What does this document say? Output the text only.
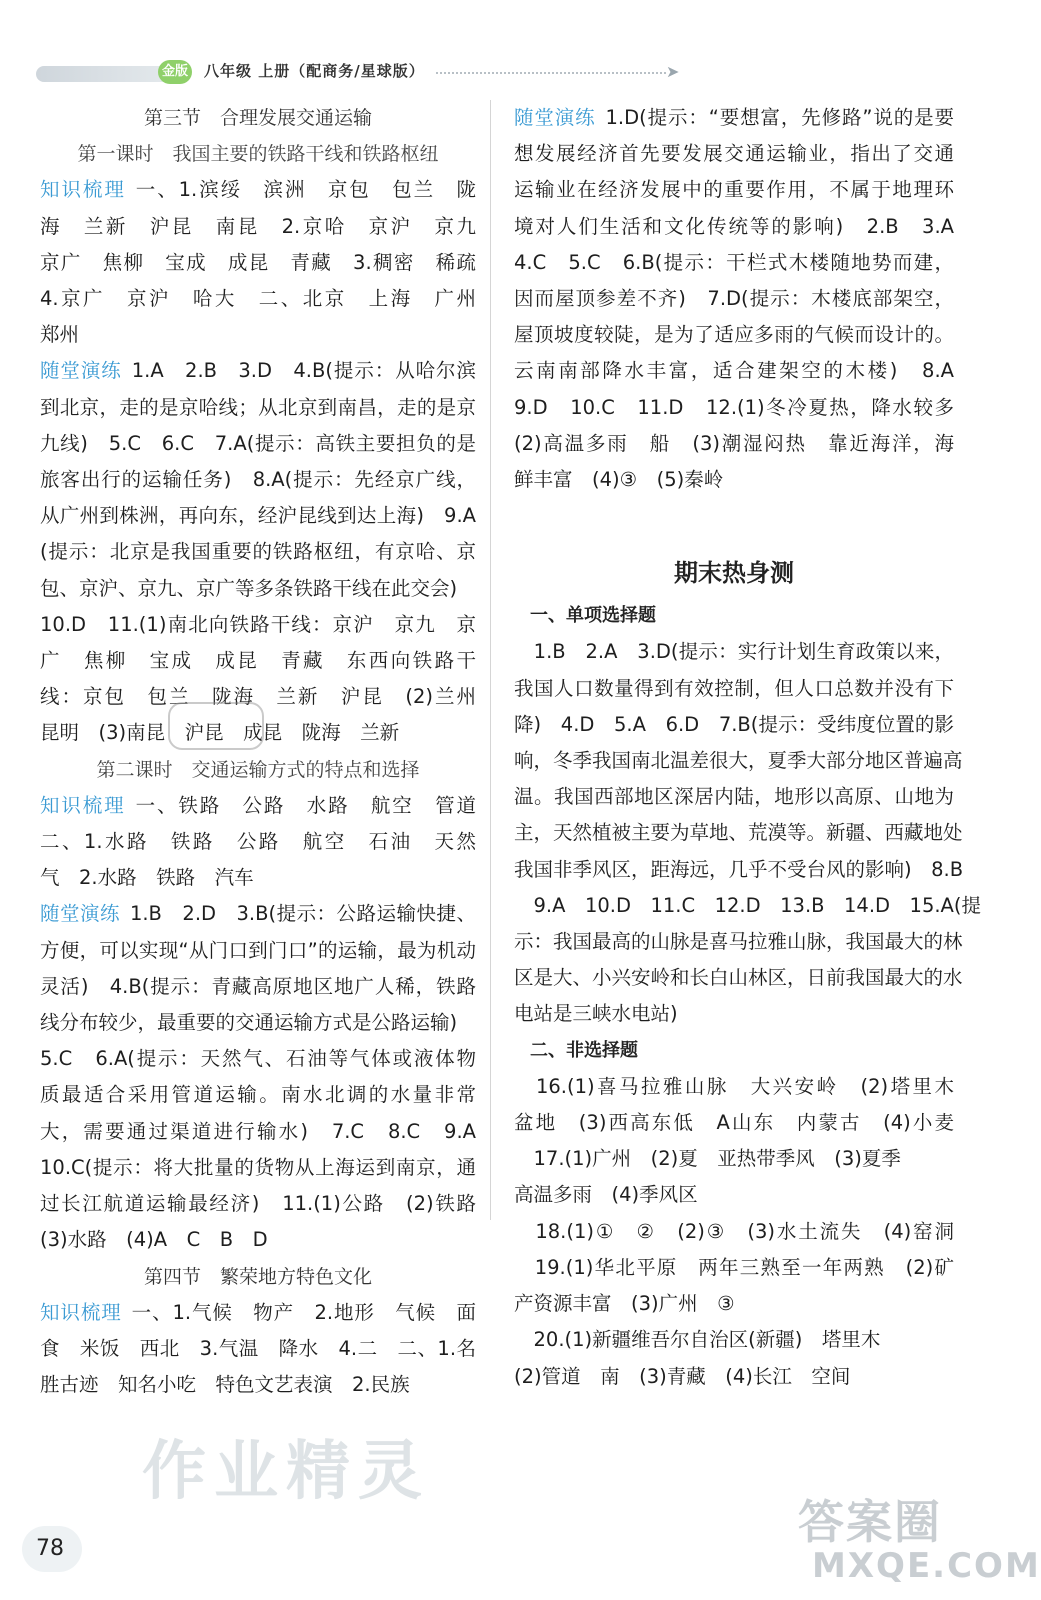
金版 八年级 上册（配商务/星球版）	➤
第三节　合理发展交通运输
第一课时　我国主要的铁路干线和铁路枢纽
知识梳理 一、1.滨绥　滨洲　京包　包兰　陇
海　兰新　沪昆　南昆　2.京哈　京沪　京九
京广　焦柳　宝成　成昆　青藏　3.稠密　稀疏
4.京广　京沪　哈大　二、北京　上海　广州
郑州
随堂演练 1.A　2.B　3.D　4.B(提示：从哈尔滨
到北京，走的是京哈线；从北京到南昌，走的是京
九线)　5.C　6.C　7.A(提示：高铁主要担负的是
旅客出行的运输任务)　8.A(提示：先经京广线，
从广州到株洲，再向东，经沪昆线到达上海)　9.A
(提示：北京是我国重要的铁路枢纽，有京哈、京
包、京沪、京九、京广等多条铁路干线在此交会)
10.D　11.(1)南北向铁路干线：京沪　京九　京
广　焦柳　宝成　成昆　青藏　东西向铁路干
线：京包　包兰　陇海　兰新　沪昆　(2)兰州
昆明　(3)南昆　沪昆　成昆　陇海　兰新
第二课时　交通运输方式的特点和选择
知识梳理 一、铁路　公路　水路　航空　管道
二、1.水路　铁路　公路　航空　石油　天然
气　2.水路　铁路　汽车
随堂演练 1.B　2.D　3.B(提示：公路运输快捷、
方便，可以实现“从门口到门口”的运输，最为机动
灵活)　4.B(提示：青藏高原地区地广人稀，铁路
线分布较少，最重要的交通运输方式是公路运输)
5.C　6.A(提示：天然气、石油等气体或液体物
质最适合采用管道运输。南水北调的水量非常
大，需要通过渠道进行输水)　7.C　8.C　9.A
10.C(提示：将大批量的货物从上海运到南京，通
过长江航道运输最经济)　11.(1)公路　(2)铁路
(3)水路　(4)A　C　B　D
第四节　繁荣地方特色文化
知识梳理 一、1.气候　物产　2.地形　气候　面
食　米饭　西北　3.气温　降水　4.二　二、1.名
胜古迹　知名小吃　特色文艺表演　2.民族
随堂演练 1.D(提示：“要想富，先修路”说的是要
想发展经济首先要发展交通运输业，指出了交通
运输业在经济发展中的重要作用，不属于地理环
境对人们生活和文化传统等的影响)　2.B　3.A
4.C　5.C　6.B(提示：干栏式木楼随地势而建，
因而屋顶参差不齐)　7.D(提示：木楼底部架空，
屋顶坡度较陡，是为了适应多雨的气候而设计的。
云南南部降水丰富，适合建架空的木楼)　8.A
9.D　10.C　11.D　12.(1)冬冷夏热，降水较多
(2)高温多雨　船　(3)潮湿闷热　靠近海洋，海
鲜丰富　(4)③　(5)秦岭
期末热身测
一、单项选择题
　1.B　2.A　3.D(提示：实行计划生育政策以来，
我国人口数量得到有效控制，但人口总数并没有下
降)　4.D　5.A　6.D　7.B(提示：受纬度位置的影
响，冬季我国南北温差很大，夏季大部分地区普遍高
温。我国西部地区深居内陆，地形以高原、山地为
主，天然植被主要为草地、荒漠等。新疆、西藏地处
我国非季风区，距海远，几乎不受台风的影响)　8.B
　9.A　10.D　11.C　12.D　13.B　14.D　15.A(提
示：我国最高的山脉是喜马拉雅山脉，我国最大的林
区是大、小兴安岭和长白山林区，日前我国最大的水
电站是三峡水电站)
二、非选择题
　16.(1)喜马拉雅山脉　大兴安岭　(2)塔里木
盆地　(3)西高东低　A山东　内蒙古　(4)小麦
　17.(1)广州　(2)夏　亚热带季风　(3)夏季
高温多雨　(4)季风区
　18.(1)①　②　(2)③　(3)水土流失　(4)窑洞
　19.(1)华北平原　两年三熟至一年两熟　(2)矿
产资源丰富　(3)广州　③
　20.(1)新疆维吾尔自治区(新疆)　塔里木
(2)管道　南　(3)青藏　(4)长江　空间
作业精灵
78	答案圈
MXQE.COM
